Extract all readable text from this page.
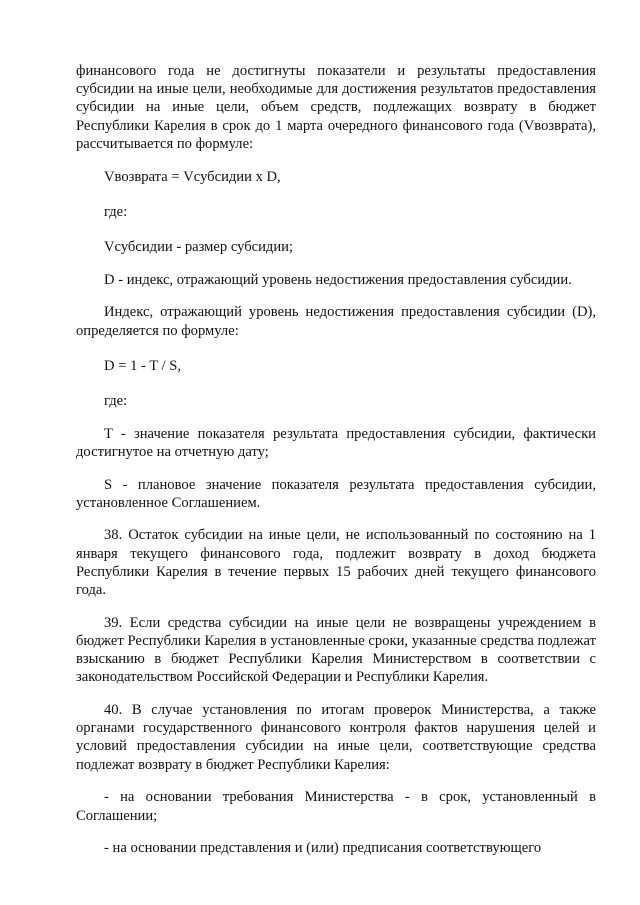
финансового года не достигнуты показатели и результаты предоставления субсидии на иные цели, необходимые для достижения результатов предоставления субсидии на иные цели, объем средств, подлежащих возврату в бюджет Республики Карелия в срок до 1 марта очередного финансового года (Vвозврата), рассчитывается по формуле:

Vвозврата = Vсубсидии x D,

где:

Vсубсидии - размер субсидии;

D - индекс, отражающий уровень недостижения предоставления субсидии.

Индекс, отражающий уровень недостижения предоставления субсидии (D), определяется по формуле:

D = 1 - T / S,

где:

T - значение показателя результата предоставления субсидии, фактически достигнутое на отчетную дату;

S - плановое значение показателя результата предоставления субсидии, установленное Соглашением.

38. Остаток субсидии на иные цели, не использованный по состоянию на 1 января текущего финансового года, подлежит возврату в доход бюджета Республики Карелия в течение первых 15 рабочих дней текущего финансового года.

39. Если средства субсидии на иные цели не возвращены учреждением в бюджет Республики Карелия в установленные сроки, указанные средства подлежат взысканию в бюджет Республики Карелия Министерством в соответствии с законодательством Российской Федерации и Республики Карелия.

40. В случае установления по итогам проверок Министерства, а также органами государственного финансового контроля фактов нарушения целей и условий предоставления субсидии на иные цели, соответствующие средства подлежат возврату в бюджет Республики Карелия:

- на основании требования Министерства - в срок, установленный в Соглашении;

- на основании представления и (или) предписания соответствующего
